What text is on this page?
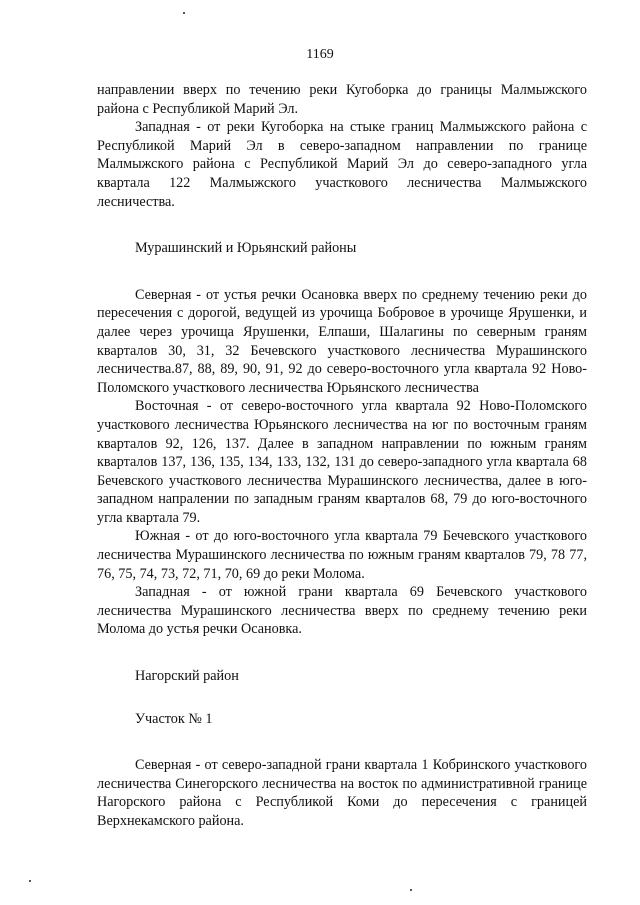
1169

направлении вверх по течению реки Кугоборка до границы Малмыжского района с Республикой Марий Эл.

Западная - от реки Кугоборка на стыке границ Малмыжского района с Республикой Марий Эл в северо-западном направлении по границе Малмыжского района с Республикой Марий Эл до северо-западного угла квартала 122 Малмыжского участкового лесничества Малмыжского лесничества.

Мурашинский и Юрьянский районы

Северная - от устья речки Осановка вверх по среднему течению реки до пересечения с дорогой, ведущей из урочища Бобровое в урочище Ярушенки, и далее через урочища Ярушенки, Елпаши, Шалагины по северным граням кварталов 30, 31, 32 Бечевского участкового лесничества Мурашинского лесничества.87, 88, 89, 90, 91, 92 до северо-восточного угла квартала 92 Ново-Поломского участкового лесничества Юрьянского лесничества

Восточная - от северо-восточного угла квартала 92 Ново-Поломского участкового лесничества Юрьянского лесничества на юг по восточным граням кварталов 92, 126, 137. Далее в западном направлении по южным граням кварталов 137, 136, 135, 134, 133, 132, 131 до северо-западного угла квартала 68 Бечевского участкового лесничества Мурашинского лесничества, далее в юго-западном напралении по западным граням кварталов 68, 79 до юго-восточного угла квартала 79.

Южная - от до юго-восточного угла квартала 79 Бечевского участкового лесничества Мурашинского лесничества по южным граням кварталов 79, 78 77, 76, 75, 74, 73, 72, 71, 70, 69 до реки Молома.

Западная - от южной грани квартала 69 Бечевского участкового лесничества Мурашинского лесничества вверх по среднему течению реки Молома до устья речки Осановка.

Нагорский район

Участок № 1

Северная - от северо-западной грани квартала 1 Кобринского участкового лесничества Синегорского лесничества на восток по административной границе Нагорского района с Республикой Коми до пересечения с границей Верхнекамского района.
